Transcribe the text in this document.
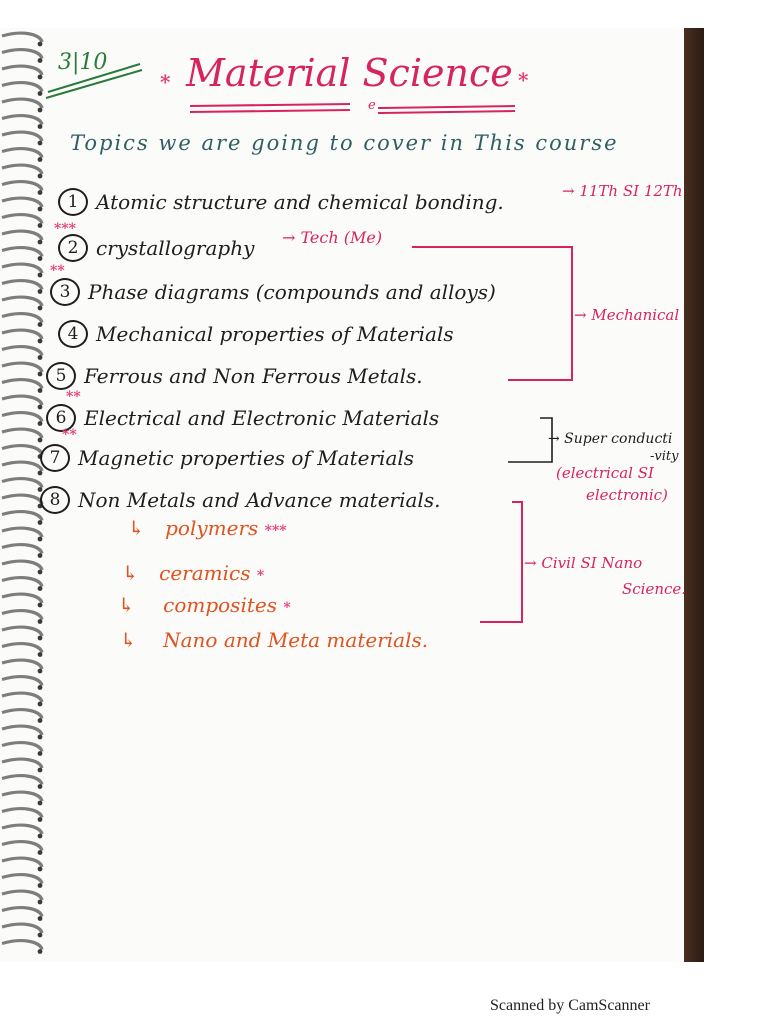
3|10
* Material Science *
e
Topics we are going to cover in This course
1 Atomic structure and chemical bonding.	→ 11Th SI 12Th
***
2 crystallography → Tech (Me)
**
3 Phase diagrams (compounds and alloys)
4 Mechanical properties of Materials
→ Mechanical
5 Ferrous and Non Ferrous Metals.
**
6 Electrical and Electronic Materials
**
7 Magnetic properties of Materials
→ Super conducti
-vity
(electrical SI
electronic)
8 Non Metals and Advance materials.
↳ polymers ***
↳ ceramics *
↳ composites *
↳ Nano and Meta materials.
→ Civil SI Nano
Science.
Scanned by CamScanner
